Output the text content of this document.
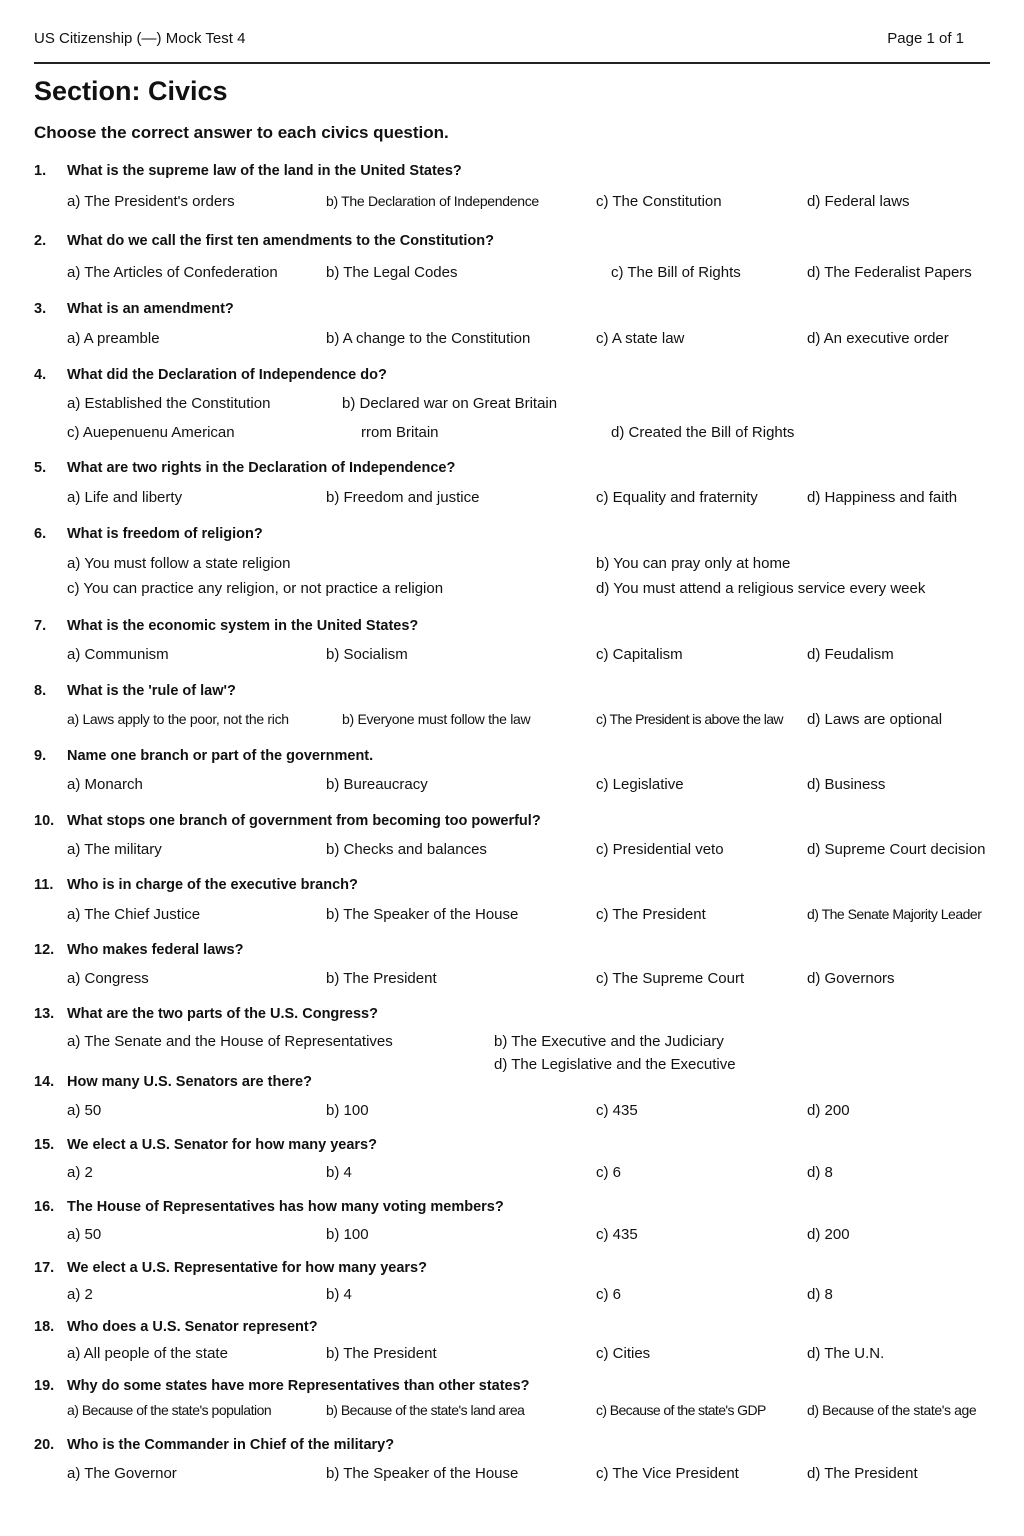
US Citizenship (—) Mock Test 4	Page 1 of 1
Section: Civics
Choose the correct answer to each civics question.
1. What is the supreme law of the land in the United States?
a) The President's orders	b) The Declaration of Independence	c) The Constitution	d) Federal laws
2. What do we call the first ten amendments to the Constitution?
a) The Articles of Confederation	b) The Legal Codes	c) The Bill of Rights	d) The Federalist Papers
3. What is an amendment?
a) A preamble	b) A change to the Constitution	c) A state law	d) An executive order
4. What did the Declaration of Independence do?
a) Established the Constitution	b) Declared war on Great Britain
c) Auepenuenu American	rrom Britain	d) Created the Bill of Rights
5. What are two rights in the Declaration of Independence?
a) Life and liberty	b) Freedom and justice	c) Equality and fraternity	d) Happiness and faith
6. What is freedom of religion?
a) You must follow a state religion	b) You can pray only at home
c) You can practice any religion, or not practice a religion	d) You must attend a religious service every week
7. What is the economic system in the United States?
a) Communism	b) Socialism	c) Capitalism	d) Feudalism
8. What is the 'rule of law'?
a) Laws apply to the poor, not the rich	b) Everyone must follow the law	c) The President is above the law d) Laws are optional
9. Name one branch or part of the government.
a) Monarch	b) Bureaucracy	c) Legislative	d) Business
10. What stops one branch of government from becoming too powerful?
a) The military	b) Checks and balances	c) Presidential veto	d) Supreme Court decision
11. Who is in charge of the executive branch?
a) The Chief Justice	b) The Speaker of the House	c) The President	d) The Senate Majority Leader
12. Who makes federal laws?
a) Congress	b) The President	c) The Supreme Court	d) Governors
13. What are the two parts of the U.S. Congress?
a) The Senate and the House of Representatives	b) The Executive and the Judiciary
d) The Legislative and the Executive
14. How many U.S. Senators are there?
a) 50	b) 100	c) 435	d) 200
15. We elect a U.S. Senator for how many years?
a) 2	b) 4	c) 6	d) 8
16. The House of Representatives has how many voting members?
a) 50	b) 100	c) 435	d) 200
17. We elect a U.S. Representative for how many years?
a) 2	b) 4	c) 6	d) 8
18. Who does a U.S. Senator represent?
a) All people of the state	b) The President	c) Cities	d) The U.N.
19. Why do some states have more Representatives than other states?
a) Because of the state's population	b) Because of the state's land area	c) Because of the state's GDP	d) Because of the state's age
20. Who is the Commander in Chief of the military?
a) The Governor	b) The Speaker of the House	c) The Vice President	d) The President
